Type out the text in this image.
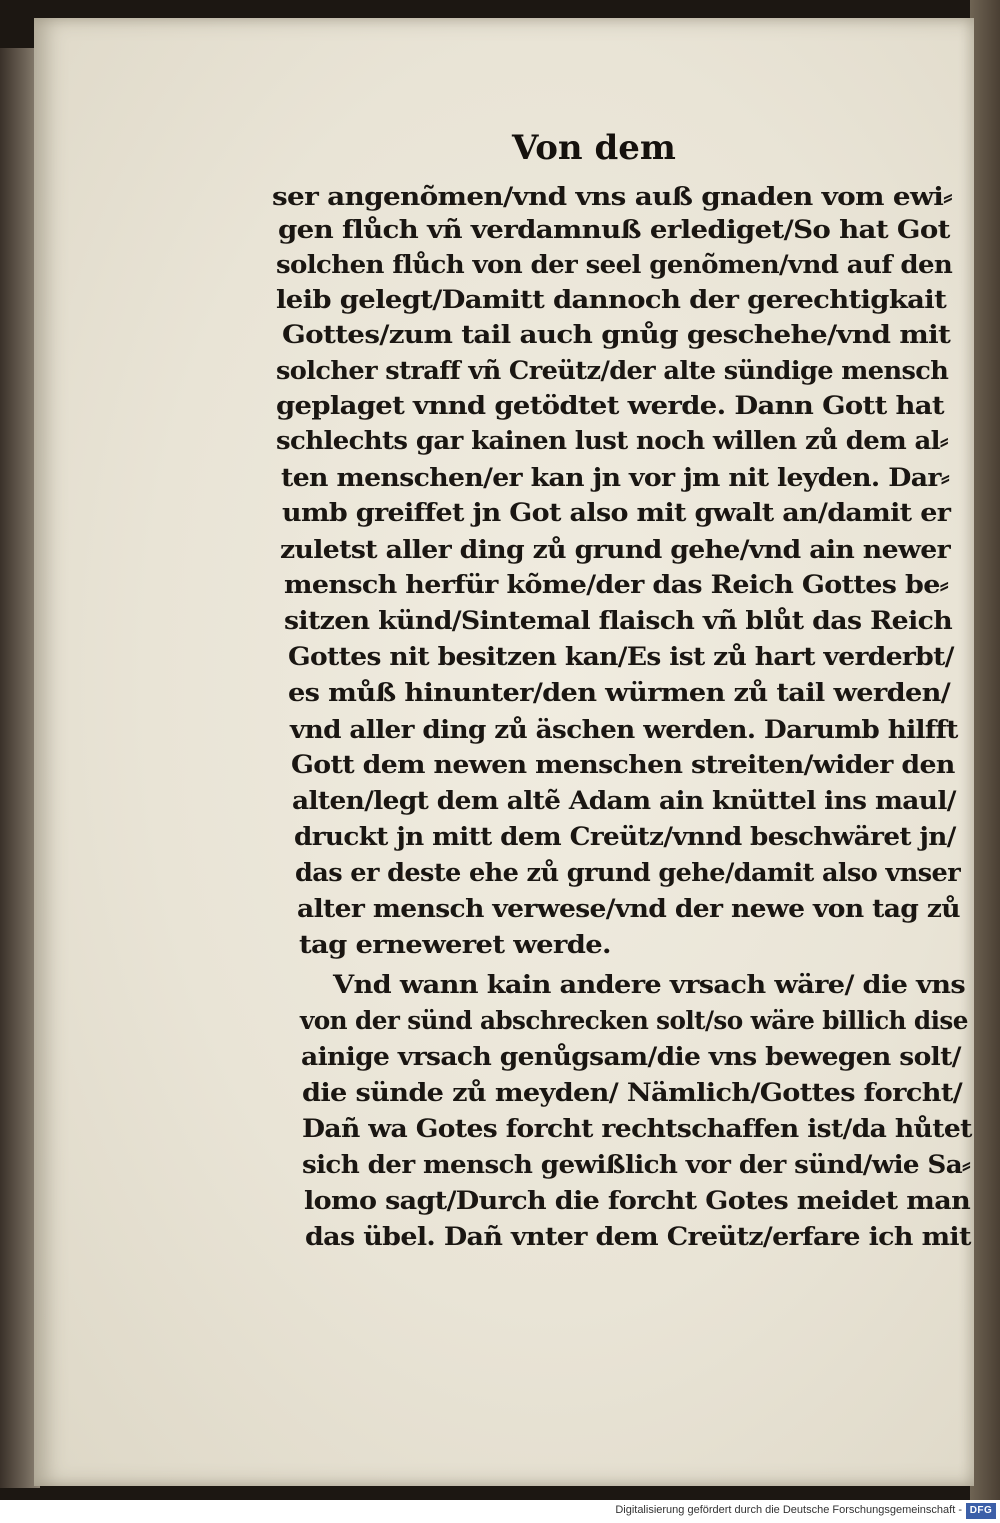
Von dem
ser angenõmen/vnd vns auß gnaden vom ewi⸗
gen flůch vñ verdamnuß erlediget/So hat Got
solchen flůch von der seel genõmen/vnd auf den
leib gelegt/Damitt dannoch der gerechtigkait
Gottes/zum tail auch gnůg geschehe/vnd mit
solcher straff vñ Creütz/der alte sündige mensch
geplaget vnnd getödtet werde. Dann Gott hat
schlechts gar kainen lust noch willen zů dem al⸗
ten menschen/er kan jn vor jm nit leyden. Dar⸗
umb greiffet jn Got also mit gwalt an/damit er
zuletst aller ding zů grund gehe/vnd ain newer
mensch herfür kõme/der das Reich Gottes be⸗
sitzen künd/Sintemal flaisch vñ blůt das Reich
Gottes nit besitzen kan/Es ist zů hart verderbt/
es můß hinunter/den würmen zů tail werden/
vnd aller ding zů äschen werden. Darumb hilfft
Gott dem newen menschen streiten/wider den
alten/legt dem altẽ Adam ain knüttel ins maul/
druckt jn mitt dem Creütz/vnnd beschwäret jn/
das er deste ehe zů grund gehe/damit also vnser
alter mensch verwese/vnd der newe von tag zů
tag erneweret werde.
Vnd wann kain andere vrsach wäre/ die vns
von der sünd abschrecken solt/so wäre billich dise
ainige vrsach genůgsam/die vns bewegen solt/
die sünde zů meyden/ Nämlich/Gottes forcht/
Dañ wa Gotes forcht rechtschaffen ist/da hůtet
sich der mensch gewißlich vor der sünd/wie Sa⸗
lomo sagt/Durch die forcht Gotes meidet man
das übel. Dañ vnter dem Creütz/erfare ich mit
Digitalisierung gefördert durch die Deutsche Forschungsgemeinschaft - DFG
